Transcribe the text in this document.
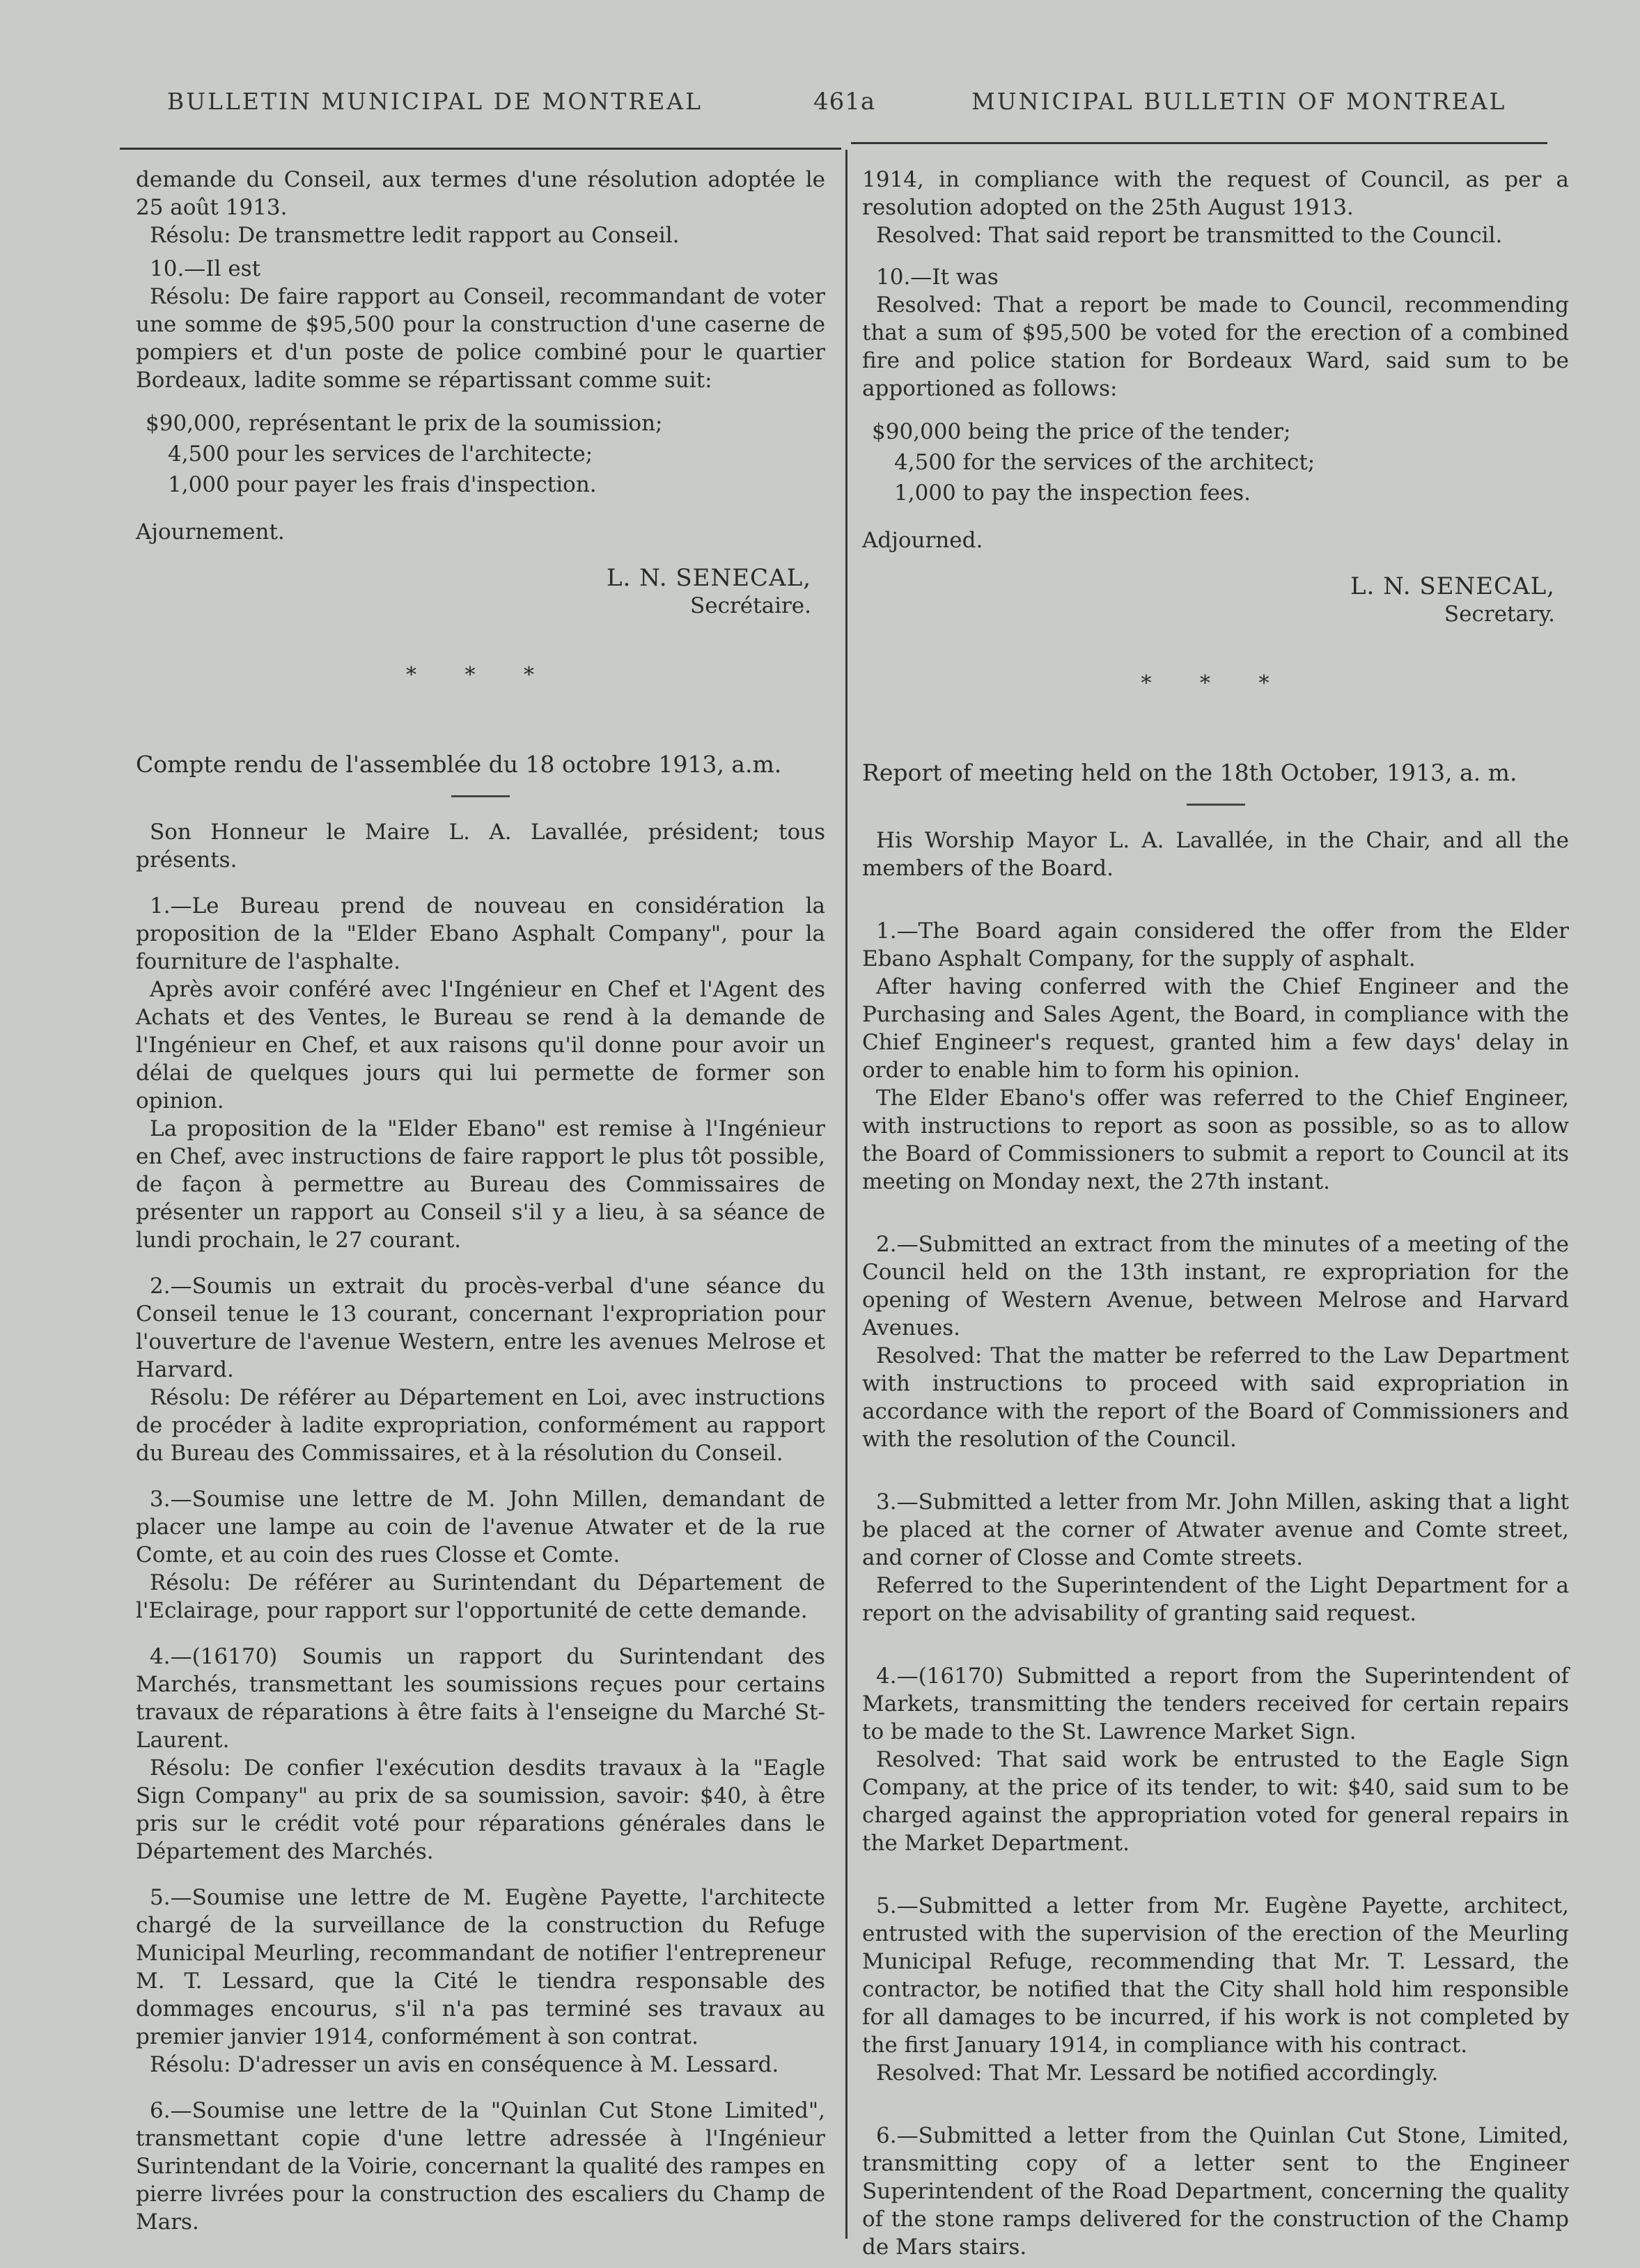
BULLETIN MUNICIPAL DE MONTREAL	461a	MUNICIPAL BULLETIN OF MONTREAL

demande du Conseil, aux termes d'une résolution adoptée le 25 août 1913.

Résolu: De transmettre ledit rapport au Conseil.

10.—Il est

Résolu: De faire rapport au Conseil, recommandant de voter une somme de $95,500 pour la construction d'une caserne de pompiers et d'un poste de police combiné pour le quartier Bordeaux, ladite somme se répartissant comme suit:

$90,000, représentant le prix de la soumission;
4,500 pour les services de l'architecte;
1,000 pour payer les frais d'inspection.

Ajournement.

L. N. SENECAL,
Secrétaire.
* * *

Compte rendu de l'assemblée du 18 octobre 1913, a.m.

Son Honneur le Maire L. A. Lavallée, président; tous présents.

1.—Le Bureau prend de nouveau en considération la proposition de la "Elder Ebano Asphalt Company", pour la fourniture de l'asphalte.

Après avoir conféré avec l'Ingénieur en Chef et l'Agent des Achats et des Ventes, le Bureau se rend à la demande de l'Ingénieur en Chef, et aux raisons qu'il donne pour avoir un délai de quelques jours qui lui permette de former son opinion.

La proposition de la "Elder Ebano" est remise à l'Ingénieur en Chef, avec instructions de faire rapport le plus tôt possible, de façon à permettre au Bureau des Commissaires de présenter un rapport au Conseil s'il y a lieu, à sa séance de lundi prochain, le 27 courant.

2.—Soumis un extrait du procès-verbal d'une séance du Conseil tenue le 13 courant, concernant l'expropriation pour l'ouverture de l'avenue Western, entre les avenues Melrose et Harvard.

Résolu: De référer au Département en Loi, avec instructions de procéder à ladite expropriation, conformément au rapport du Bureau des Commissaires, et à la résolution du Conseil.

3.—Soumise une lettre de M. John Millen, demandant de placer une lampe au coin de l'avenue Atwater et de la rue Comte, et au coin des rues Closse et Comte.

Résolu: De référer au Surintendant du Département de l'Eclairage, pour rapport sur l'opportunité de cette demande.

4.—(16170) Soumis un rapport du Surintendant des Marchés, transmettant les soumissions reçues pour certains travaux de réparations à être faits à l'enseigne du Marché St-Laurent.

Résolu: De confier l'exécution desdits travaux à la "Eagle Sign Company" au prix de sa soumission, savoir: $40, à être pris sur le crédit voté pour réparations générales dans le Département des Marchés.

5.—Soumise une lettre de M. Eugène Payette, l'architecte chargé de la surveillance de la construction du Refuge Municipal Meurling, recommandant de notifier l'entrepreneur M. T. Lessard, que la Cité le tiendra responsable des dommages encourus, s'il n'a pas terminé ses travaux au premier janvier 1914, conformément à son contrat.

Résolu: D'adresser un avis en conséquence à M. Lessard.

6.—Soumise une lettre de la "Quinlan Cut Stone Limited", transmettant copie d'une lettre adressée à l'Ingénieur Surintendant de la Voirie, concernant la qualité des rampes en pierre livrées pour la construction des escaliers du Champ de Mars.

1914, in compliance with the request of Council, as per a resolution adopted on the 25th August 1913.

Resolved: That said report be transmitted to the Council.

10.—It was

Resolved: That a report be made to Council, recommending that a sum of $95,500 be voted for the erection of a combined fire and police station for Bordeaux Ward, said sum to be apportioned as follows:

$90,000 being the price of the tender;
4,500 for the services of the architect;
1,000 to pay the inspection fees.

Adjourned.

L. N. SENECAL,
Secretary.
* * *

Report of meeting held on the 18th October, 1913, a. m.

His Worship Mayor L. A. Lavallée, in the Chair, and all the members of the Board.

1.—The Board again considered the offer from the Elder Ebano Asphalt Company, for the supply of asphalt.

After having conferred with the Chief Engineer and the Purchasing and Sales Agent, the Board, in compliance with the Chief Engineer's request, granted him a few days' delay in order to enable him to form his opinion.

The Elder Ebano's offer was referred to the Chief Engineer, with instructions to report as soon as possible, so as to allow the Board of Commissioners to submit a report to Council at its meeting on Monday next, the 27th instant.

2.—Submitted an extract from the minutes of a meeting of the Council held on the 13th instant, re expropriation for the opening of Western Avenue, between Melrose and Harvard Avenues.

Resolved: That the matter be referred to the Law Department with instructions to proceed with said expropriation in accordance with the report of the Board of Commissioners and with the resolution of the Council.

3.—Submitted a letter from Mr. John Millen, asking that a light be placed at the corner of Atwater avenue and Comte street, and corner of Closse and Comte streets.

Referred to the Superintendent of the Light Department for a report on the advisability of granting said request.

4.—(16170) Submitted a report from the Superintendent of Markets, transmitting the tenders received for certain repairs to be made to the St. Lawrence Market Sign.

Resolved: That said work be entrusted to the Eagle Sign Company, at the price of its tender, to wit: $40, said sum to be charged against the appropriation voted for general repairs in the Market Department.

5.—Submitted a letter from Mr. Eugène Payette, architect, entrusted with the supervision of the erection of the Meurling Municipal Refuge, recommending that Mr. T. Lessard, the contractor, be notified that the City shall hold him responsible for all damages to be incurred, if his work is not completed by the first January 1914, in compliance with his contract.

Resolved: That Mr. Lessard be notified accordingly.

6.—Submitted a letter from the Quinlan Cut Stone, Limited, transmitting copy of a letter sent to the Engineer Superintendent of the Road Department, concerning the quality of the stone ramps delivered for the construction of the Champ de Mars stairs.
